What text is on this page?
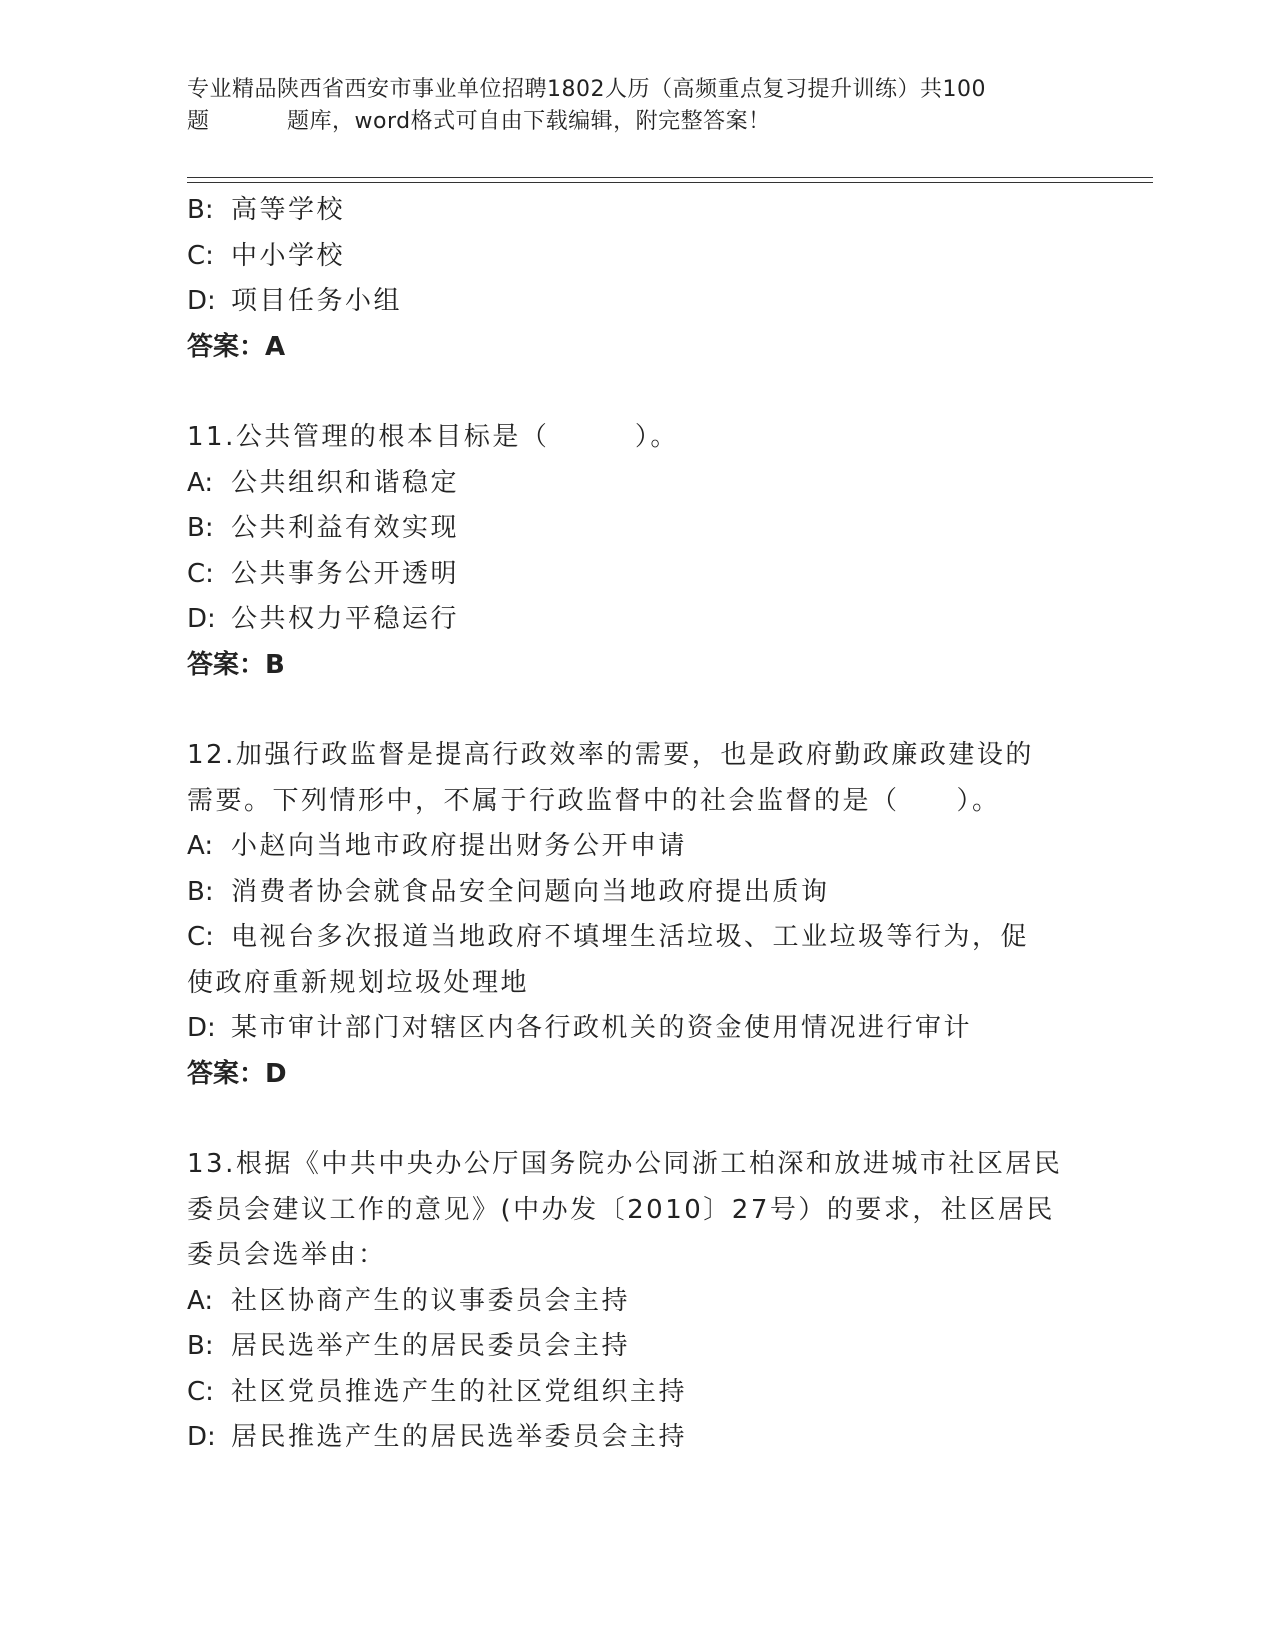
专业精品陕西省西安市事业单位招聘1802人历（高频重点复习提升训练）共100
题	题库，word格式可自由下载编辑，附完整答案！
B: 高等学校
C: 中小学校
D: 项目任务小组
答案：A
11.公共管理的根本目标是（　　　）。
A: 公共组织和谐稳定
B: 公共利益有效实现
C: 公共事务公开透明
D: 公共权力平稳运行
答案：B
12.加强行政监督是提高行政效率的需要，也是政府勤政廉政建设的需要。下列情形中，不属于行政监督中的社会监督的是（　　）。
A: 小赵向当地市政府提出财务公开申请
B: 消费者协会就食品安全问题向当地政府提出质询
C: 电视台多次报道当地政府不填埋生活垃圾、工业垃圾等行为，促使政府重新规划垃圾处理地
D: 某市审计部门对辖区内各行政机关的资金使用情况进行审计
答案：D
13.根据《中共中央办公厅国务院办公同浙工柏深和放进城市社区居民委员会建议工作的意见》(中办发〔2010〕27号）的要求，社区居民委员会选举由：
A: 社区协商产生的议事委员会主持
B: 居民选举产生的居民委员会主持
C: 社区党员推选产生的社区党组织主持
D: 居民推选产生的居民选举委员会主持
